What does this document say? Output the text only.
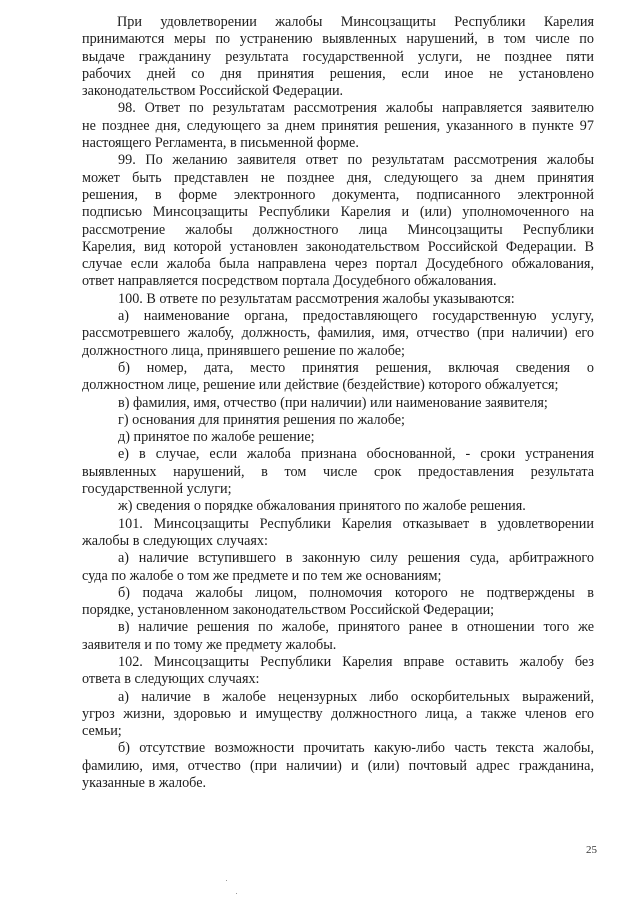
При удовлетворении жалобы Минсоцзащиты Республики Карелия
принимаются меры по устранению выявленных нарушений, в том числе по
выдаче гражданину результата государственной услуги, не позднее пяти
рабочих дней со дня принятия решения, если иное не установлено
законодательством Российской Федерации.
98. Ответ по результатам рассмотрения жалобы направляется заявителю
не позднее дня, следующего за днем принятия решения, указанного в пункте 97
настоящего Регламента, в письменной форме.
99. По желанию заявителя ответ по результатам рассмотрения жалобы
может быть представлен не позднее дня, следующего за днем принятия
решения, в форме электронного документа, подписанного электронной
подписью Минсоцзащиты Республики Карелия и (или) уполномоченного на
рассмотрение жалобы должностного лица Минсоцзащиты Республики
Карелия, вид которой установлен законодательством Российской Федерации. В
случае если жалоба была направлена через портал Досудебного обжалования,
ответ направляется посредством портала Досудебного обжалования.
100. В ответе по результатам рассмотрения жалобы указываются:
а) наименование органа, предоставляющего государственную услугу,
рассмотревшего жалобу, должность, фамилия, имя, отчество (при наличии) его
должностного лица, принявшего решение по жалобе;
б) номер, дата, место принятия решения, включая сведения о
должностном лице, решение или действие (бездействие) которого обжалуется;
в) фамилия, имя, отчество (при наличии) или наименование заявителя;
г) основания для принятия решения по жалобе;
д) принятое по жалобе решение;
е) в случае, если жалоба признана обоснованной, - сроки устранения
выявленных нарушений, в том числе срок предоставления результата
государственной услуги;
ж) сведения о порядке обжалования принятого по жалобе решения.
101. Минсоцзащиты Республики Карелия отказывает в удовлетворении
жалобы в следующих случаях:
а) наличие вступившего в законную силу решения суда, арбитражного
суда по жалобе о том же предмете и по тем же основаниям;
б) подача жалобы лицом, полномочия которого не подтверждены в
порядке, установленном законодательством Российской Федерации;
в) наличие решения по жалобе, принятого ранее в отношении того же
заявителя и по тому же предмету жалобы.
102. Минсоцзащиты Республики Карелия вправе оставить жалобу без
ответа в следующих случаях:
а) наличие в жалобе нецензурных либо оскорбительных выражений,
угроз жизни, здоровью и имуществу должностного лица, а также членов его
семьи;
б) отсутствие возможности прочитать какую-либо часть текста жалобы,
фамилию, имя, отчество (при наличии) и (или) почтовый адрес гражданина,
указанные в жалобе.
25
